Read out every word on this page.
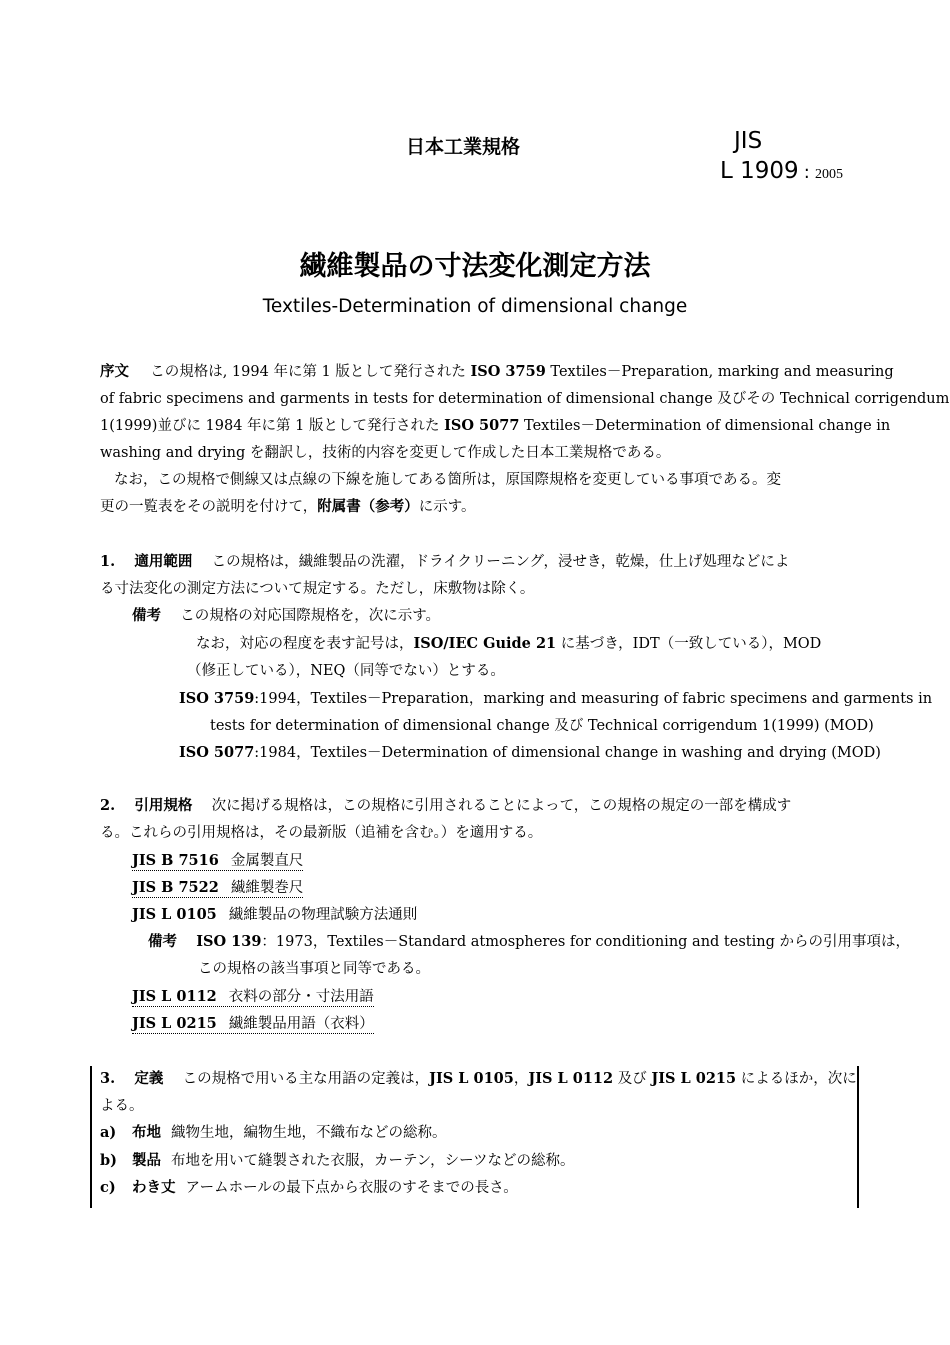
日本工業規格	JIS
L 1909 : 2005
繊維製品の寸法変化測定方法
Textiles-Determination of dimensional change
序文 この規格は, 1994 年に第 1 版として発行された ISO 3759 Textiles－Preparation, marking and measuring
of fabric specimens and garments in tests for determination of dimensional change 及びその Technical corrigendum
1(1999)並びに 1984 年に第 1 版として発行された ISO 5077 Textiles－Determination of dimensional change in
washing and drying を翻訳し，技術的内容を変更して作成した日本工業規格である。
なお，この規格で側線又は点線の下線を施してある箇所は，原国際規格を変更している事項である。変
更の一覧表をその説明を付けて，附属書（参考）に示す。
1. 適用範囲 この規格は，繊維製品の洗濯，ドライクリーニング，浸せき，乾燥，仕上げ処理などによ
る寸法変化の測定方法について規定する。ただし，床敷物は除く。
備考 この規格の対応国際規格を，次に示す。
なお，対応の程度を表す記号は，ISO/IEC Guide 21 に基づき，IDT（一致している），MOD
（修正している），NEQ（同等でない）とする。
ISO 3759:1994，Textiles－Preparation，marking and measuring of fabric specimens and garments in
tests for determination of dimensional change 及び Technical corrigendum 1(1999) (MOD)
ISO 5077:1984，Textiles－Determination of dimensional change in washing and drying (MOD)
2. 引用規格 次に掲げる規格は，この規格に引用されることによって，この規格の規定の一部を構成す
る。これらの引用規格は，その最新版（追補を含む。）を適用する。
JIS B 7516 金属製直尺
JIS B 7522 繊維製巻尺
JIS L 0105 繊維製品の物理試験方法通則
備考 ISO 139：1973，Textiles－Standard atmospheres for conditioning and testing からの引用事項は，
この規格の該当事項と同等である。
JIS L 0112 衣料の部分・寸法用語
JIS L 0215 繊維製品用語（衣料）
3. 定義 この規格で用いる主な用語の定義は，JIS L 0105，JIS L 0112 及び JIS L 0215 によるほか，次に
よる。
a) 布地 織物生地，編物生地，不織布などの総称。
b) 製品 布地を用いて縫製された衣服，カーテン，シーツなどの総称。
c) わき丈 アームホールの最下点から衣服のすそまでの長さ。
